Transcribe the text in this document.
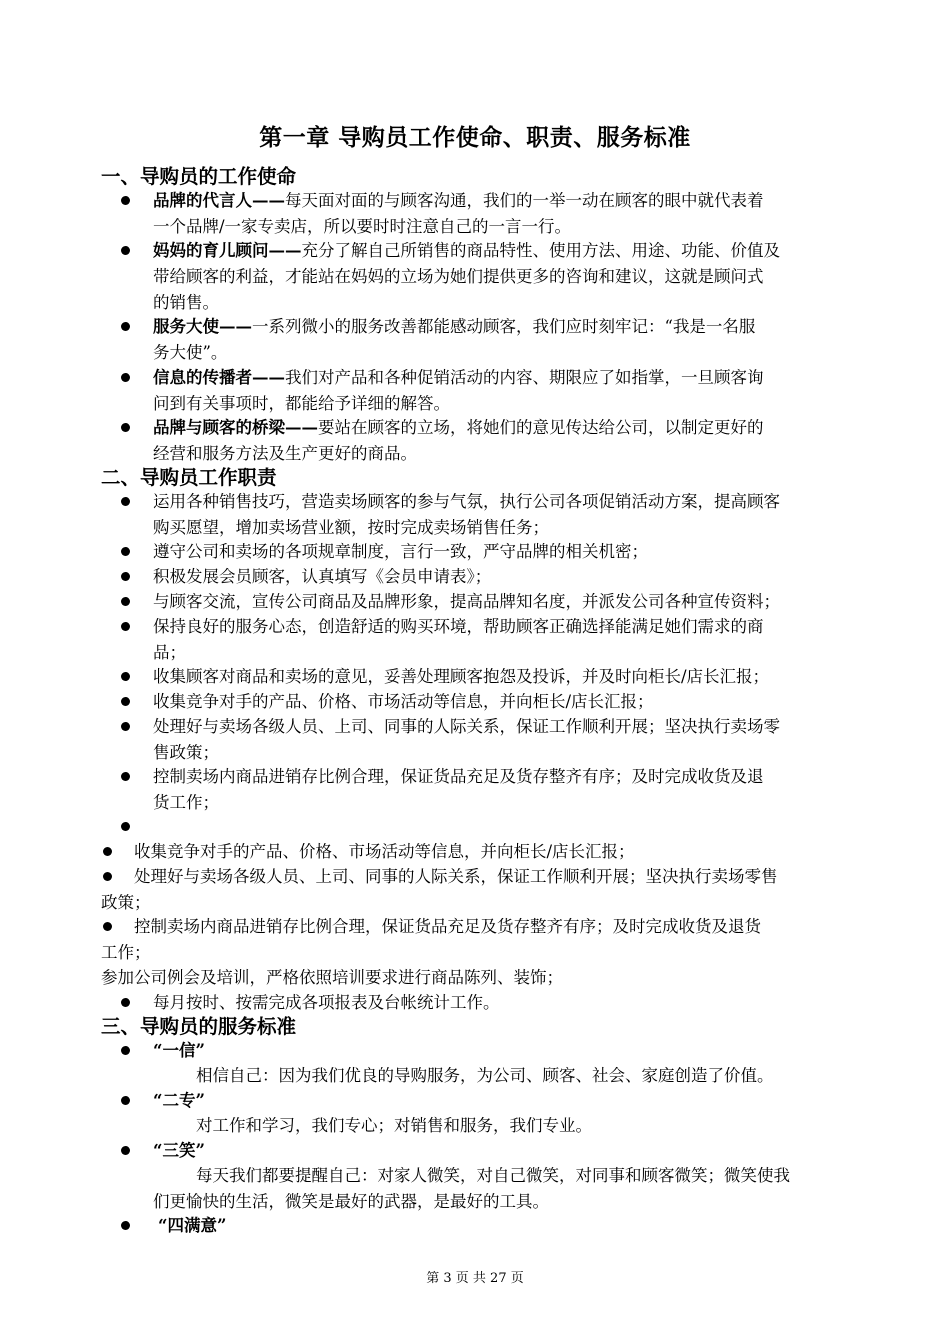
第一章 导购员工作使命、职责、服务标准
一、导购员的工作使命
品牌的代言人——每天面对面的与顾客沟通，我们的一举一动在顾客的眼中就代表着
一个品牌/一家专卖店，所以要时时注意自己的一言一行。
妈妈的育儿顾问——充分了解自己所销售的商品特性、使用方法、用途、功能、价值及
带给顾客的利益，才能站在妈妈的立场为她们提供更多的咨询和建议，这就是顾问式
的销售。
服务大使——一系列微小的服务改善都能感动顾客，我们应时刻牢记：“我是一名服
务大使”。
信息的传播者——我们对产品和各种促销活动的内容、期限应了如指掌，一旦顾客询
问到有关事项时，都能给予详细的解答。
品牌与顾客的桥梁——要站在顾客的立场，将她们的意见传达给公司，以制定更好的
经营和服务方法及生产更好的商品。
二、导购员工作职责
运用各种销售技巧，营造卖场顾客的参与气氛，执行公司各项促销活动方案，提高顾客
购买愿望，增加卖场营业额，按时完成卖场销售任务；
遵守公司和卖场的各项规章制度，言行一致，严守品牌的相关机密；
积极发展会员顾客，认真填写《会员申请表》；
与顾客交流，宣传公司商品及品牌形象，提高品牌知名度，并派发公司各种宣传资料；
保持良好的服务心态，创造舒适的购买环境，帮助顾客正确选择能满足她们需求的商
品；
收集顾客对商品和卖场的意见，妥善处理顾客抱怨及投诉，并及时向柜长/店长汇报；
收集竞争对手的产品、价格、市场活动等信息，并向柜长/店长汇报；
处理好与卖场各级人员、上司、同事的人际关系，保证工作顺利开展；坚决执行卖场零
售政策；
控制卖场内商品进销存比例合理，保证货品充足及货存整齐有序；及时完成收货及退
货工作；
收集竞争对手的产品、价格、市场活动等信息，并向柜长/店长汇报；
处理好与卖场各级人员、上司、同事的人际关系，保证工作顺利开展；坚决执行卖场零售
政策；
控制卖场内商品进销存比例合理，保证货品充足及货存整齐有序；及时完成收货及退货
工作；
参加公司例会及培训，严格依照培训要求进行商品陈列、装饰；
每月按时、按需完成各项报表及台帐统计工作。
三、导购员的服务标准
“一信”
相信自己：因为我们优良的导购服务，为公司、顾客、社会、家庭创造了价值。
“二专”
对工作和学习，我们专心；对销售和服务，我们专业。
“三笑”
每天我们都要提醒自己：对家人微笑，对自己微笑，对同事和顾客微笑；微笑使我
们更愉快的生活，微笑是最好的武器，是最好的工具。
“四满意”
第 3 页 共 27 页
